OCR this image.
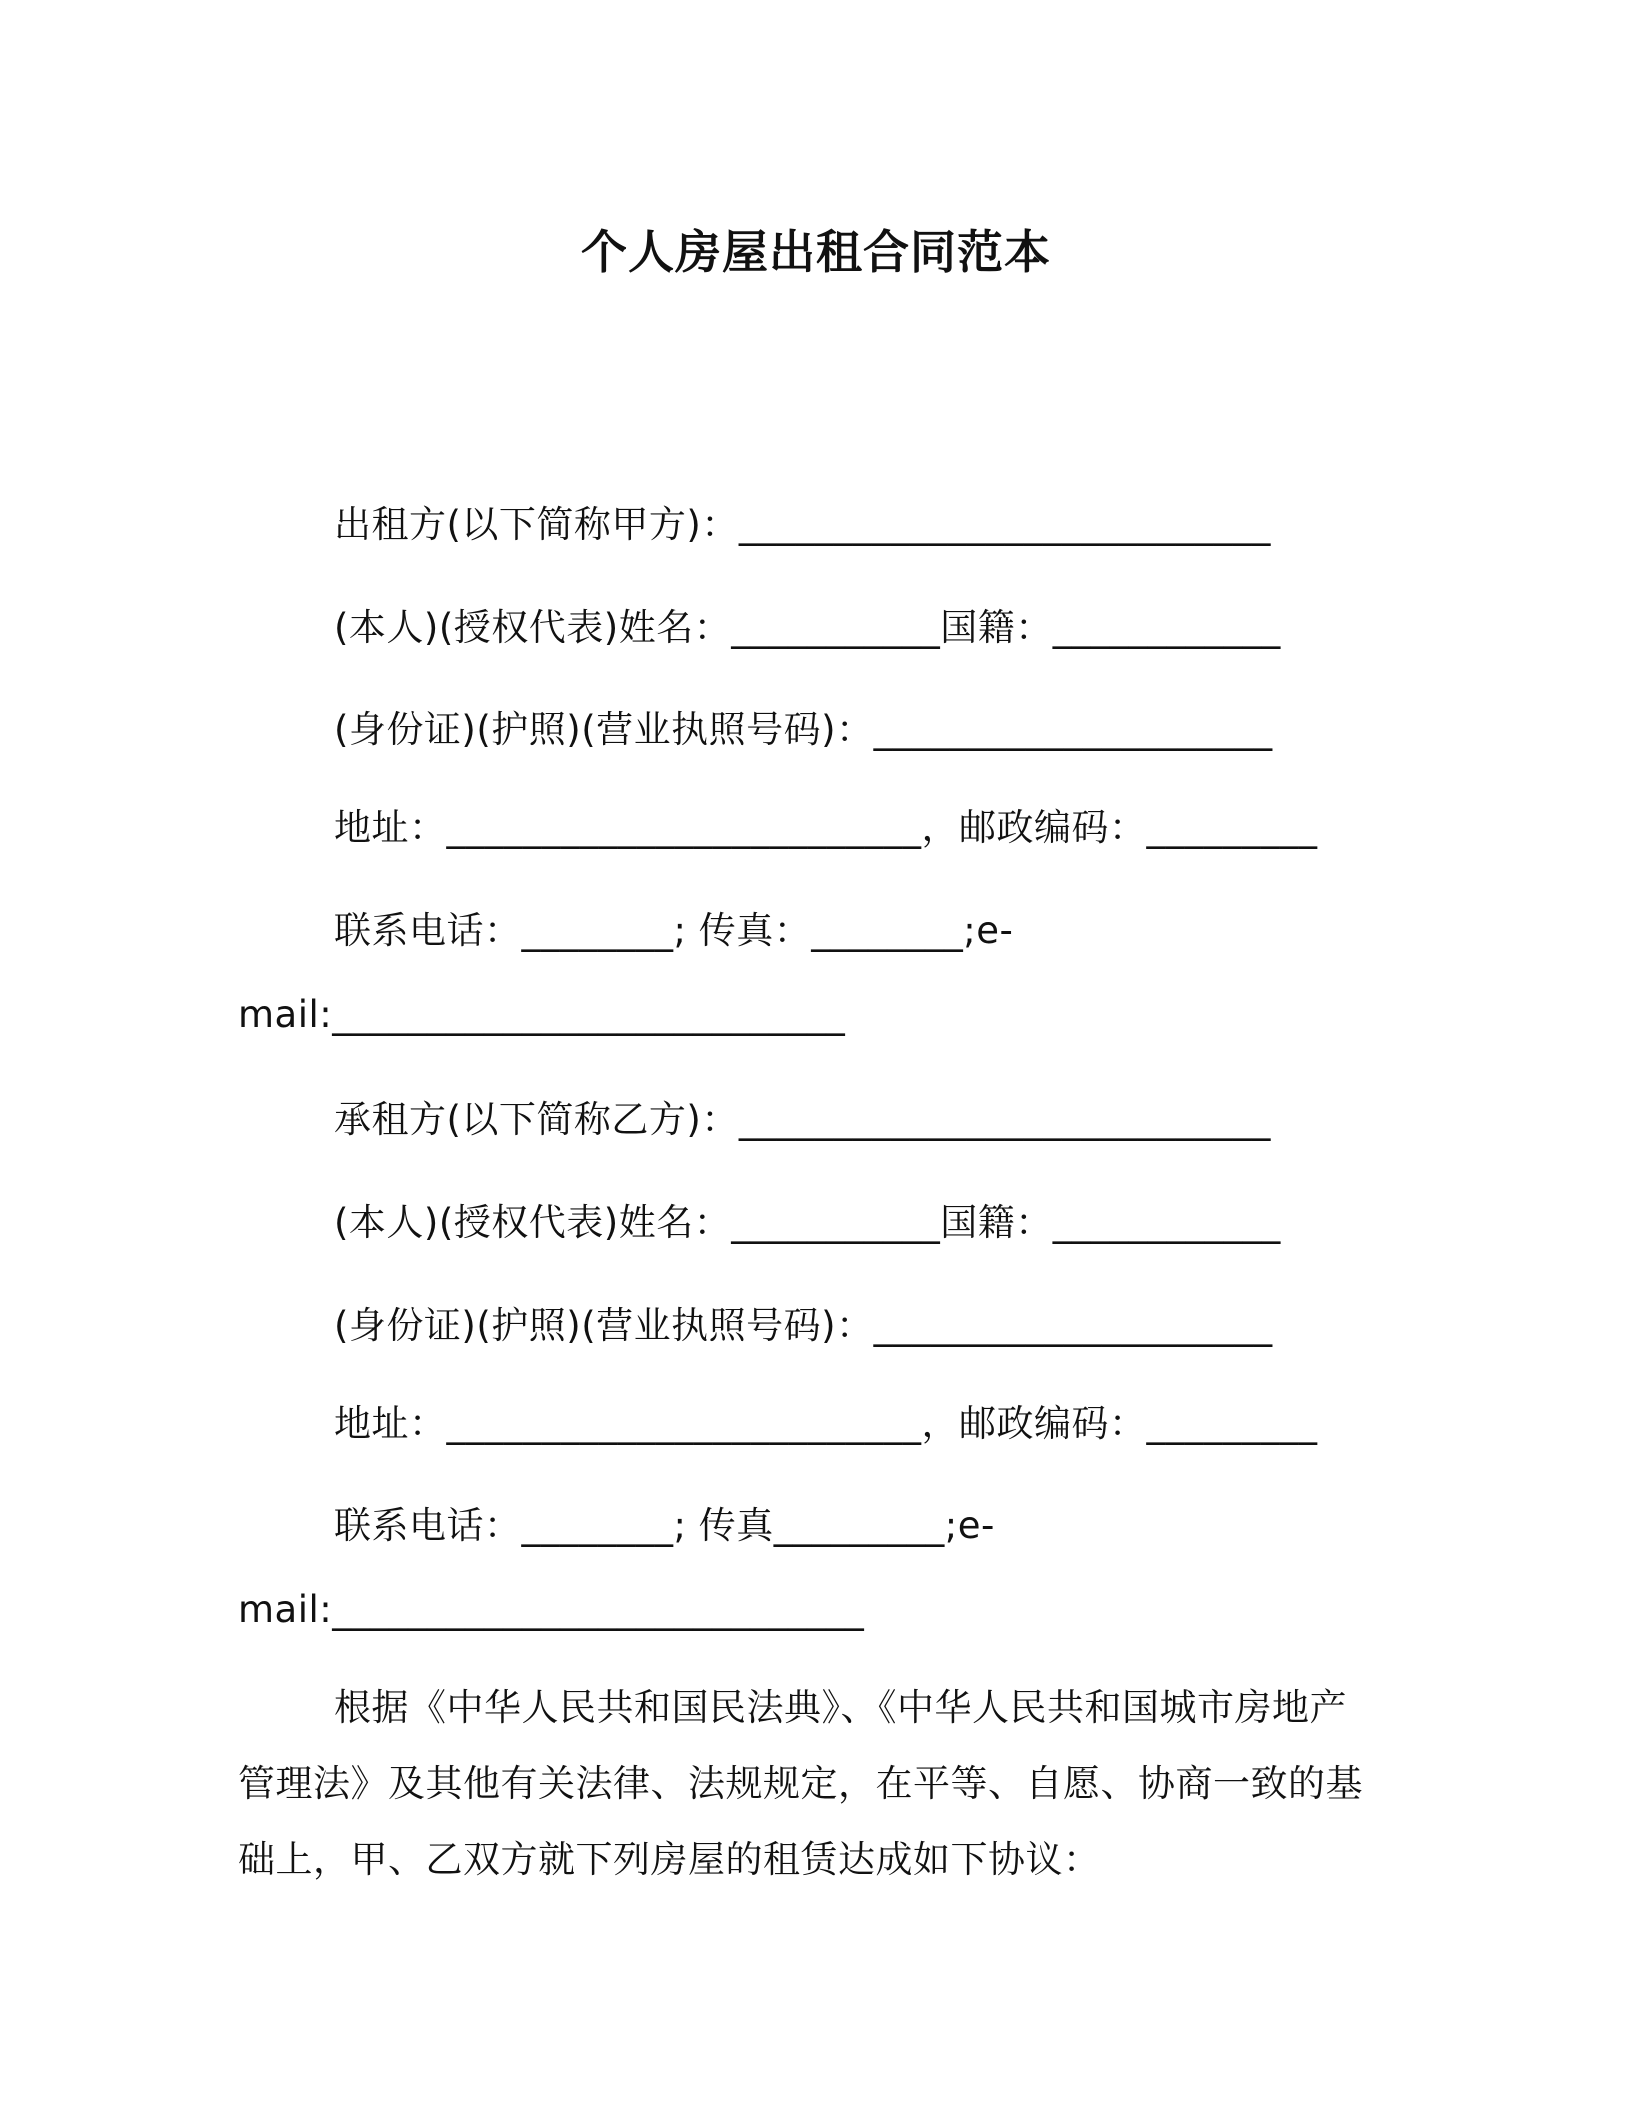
个人房屋出租合同范本
出租方(以下简称甲方)：____________________________
(本人)(授权代表)姓名：___________国籍：____________
(身份证)(护照)(营业执照号码)：_____________________
地址：_________________________，邮政编码：_________
联系电话：________; 传真：________;e-
mail:___________________________
承租方(以下简称乙方)：____________________________
(本人)(授权代表)姓名：___________国籍：____________
(身份证)(护照)(营业执照号码)：_____________________
地址：_________________________，邮政编码：_________
联系电话：________; 传真_________;e-
mail:____________________________
根据《中华人民共和国民法典》、《中华人民共和国城市房地产
管理法》及其他有关法律、法规规定，在平等、自愿、协商一致的基
础上，甲、乙双方就下列房屋的租赁达成如下协议：
